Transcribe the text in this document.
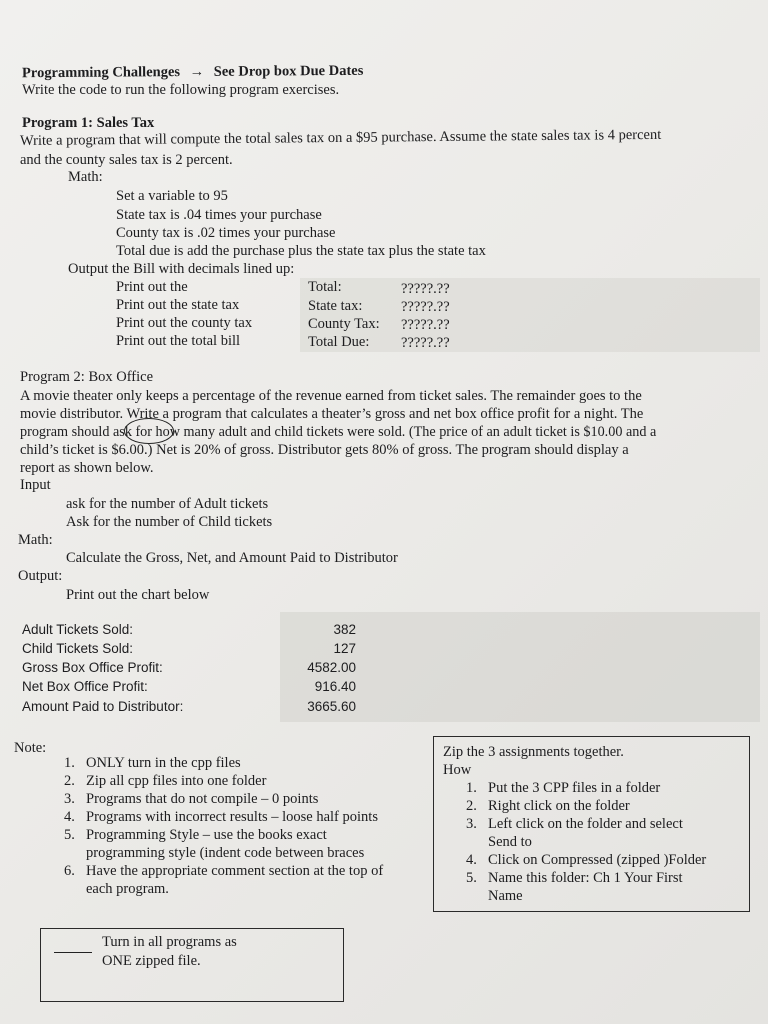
Programming Challenges → See Drop box Due Dates
Write the code to run the following program exercises.
Program 1: Sales Tax
Write a program that will compute the total sales tax on a $95 purchase. Assume the state sales tax is 4 percent
and the county sales tax is 2 percent.
Math:
Set a variable to 95
State tax is .04 times your purchase
County tax is .02 times your purchase
Total due is add the purchase plus the state tax plus the state tax
Output the Bill with decimals lined up:
Print out the	Total:	?????.??
Print out the state tax	State tax:	?????.??
Print out the county tax	County Tax: ?????.??
Print out the total bill	Total Due: ?????.??
Program 2: Box Office
A movie theater only keeps a percentage of the revenue earned from ticket sales. The remainder goes to the
movie distributor. Write a program that calculates a theater’s gross and net box office profit for a night. The
program should ask for how many adult and child tickets were sold. (The price of an adult ticket is $10.00 and a
child’s ticket is $6.00.) Net is 20% of gross. Distributor gets 80% of gross. The program should display a
report as shown below.
Input
ask for the number of Adult tickets
Ask for the number of Child tickets
Math:
Calculate the Gross, Net, and Amount Paid to Distributor
Output:
Print out the chart below
Adult Tickets Sold:	382
Child Tickets Sold:	127
Gross Box Office Profit:	4582.00
Net Box Office Profit:	916.40
Amount Paid to Distributor:	3665.60
Note:
1. ONLY turn in the cpp files
2. Zip all cpp files into one folder
3. Programs that do not compile – 0 points
4. Programs with incorrect results – loose half points
5. Programming Style – use the books exact
programming style (indent code between braces
6. Have the appropriate comment section at the top of
each program.
Zip the 3 assignments together.
How
1. Put the 3 CPP files in a folder
2. Right click on the folder
3. Left click on the folder and select
Send to
4. Click on Compressed (zipped )Folder
5. Name this folder: Ch 1 Your First
Name
Turn in all programs as
ONE zipped file.
